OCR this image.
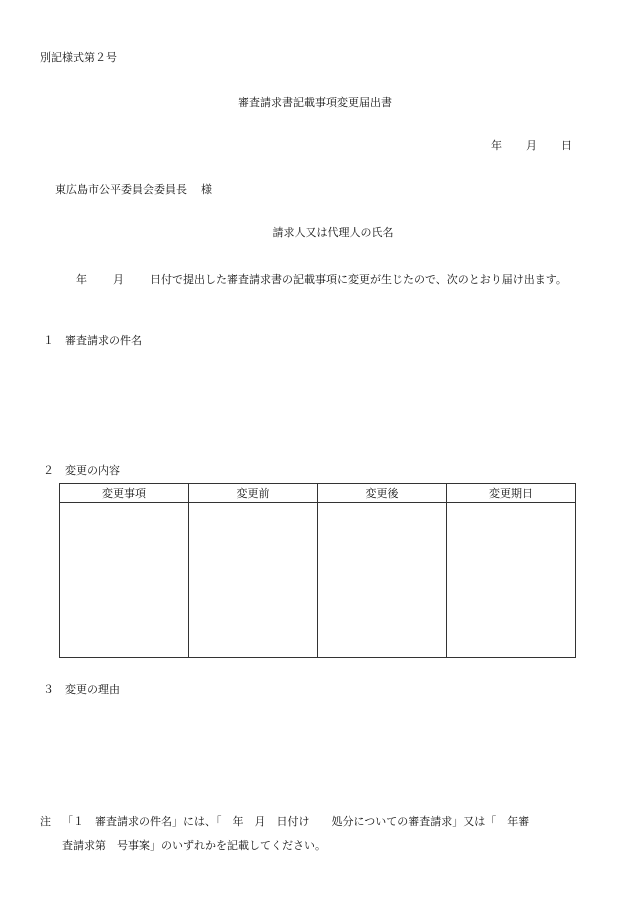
別記様式第２号
審査請求書記載事項変更届出書
年 月 日
東広島市公平委員会委員長 様
請求人又は代理人の氏名
年 月 日付で提出した審査請求書の記載事項に変更が生じたので、次のとおり届け出ます。
１ 審査請求の件名
２ 変更の内容
変更事項	変更前	変更後	変更期日

３ 変更の理由
注 「１　審査請求の件名」には、「　年　月　日付け　　処分についての審査請求」又は「　年審
査請求第　号事案」のいずれかを記載してください。
